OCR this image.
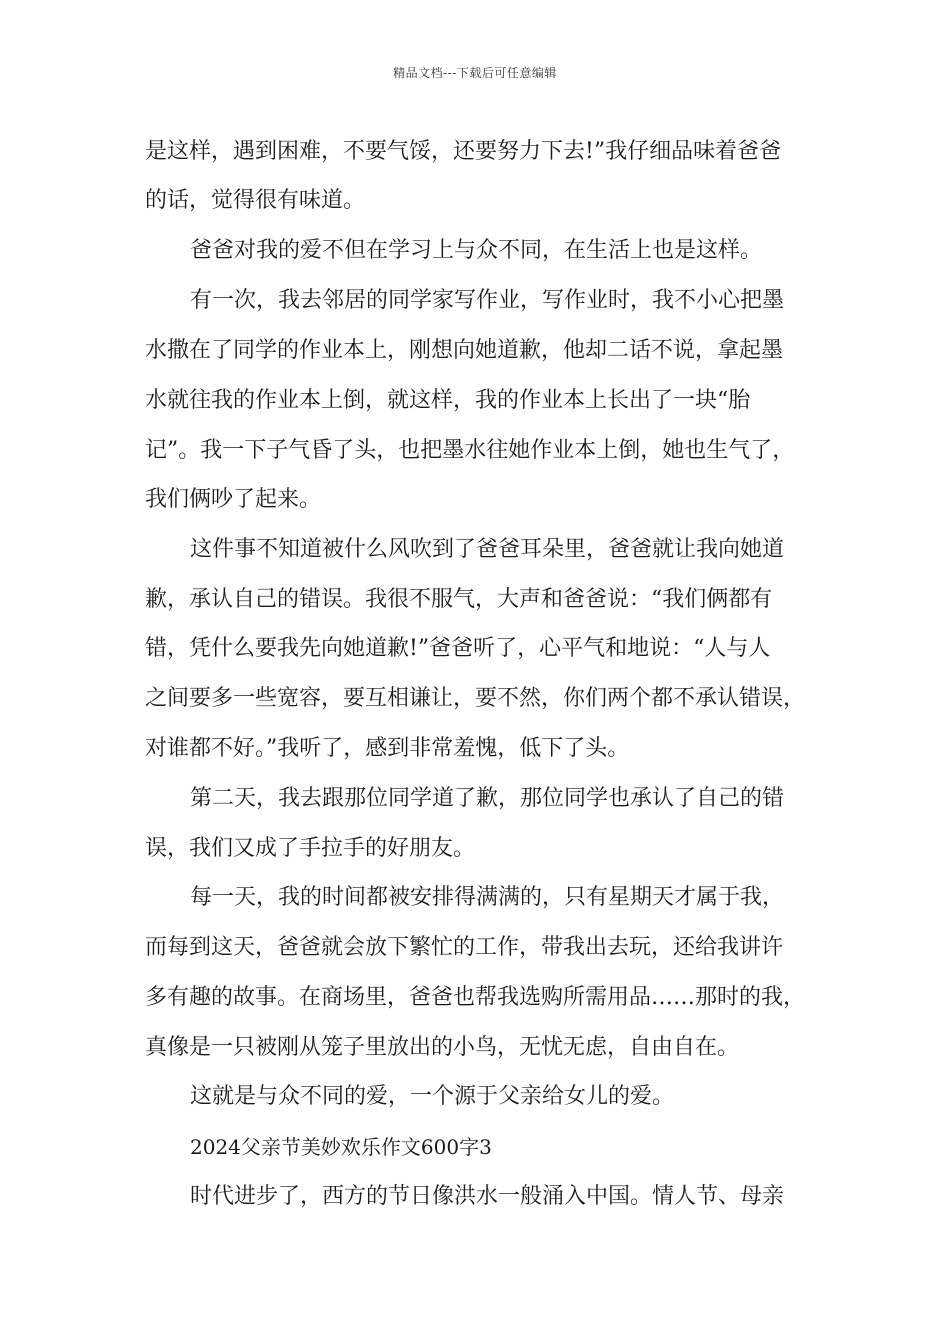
精品文档---下载后可任意编辑
是这样，遇到困难，不要气馁，还要努力下去!”我仔细品味着爸爸
的话，觉得很有味道。
爸爸对我的爱不但在学习上与众不同，在生活上也是这样。
有一次，我去邻居的同学家写作业，写作业时，我不小心把墨
水撒在了同学的作业本上，刚想向她道歉，他却二话不说，拿起墨
水就往我的作业本上倒，就这样，我的作业本上长出了一块“胎
记”。我一下子气昏了头，也把墨水往她作业本上倒，她也生气了，
我们俩吵了起来。
这件事不知道被什么风吹到了爸爸耳朵里，爸爸就让我向她道
歉，承认自己的错误。我很不服气，大声和爸爸说：“我们俩都有
错，凭什么要我先向她道歉!”爸爸听了，心平气和地说：“人与人
之间要多一些宽容，要互相谦让，要不然，你们两个都不承认错误，
对谁都不好。”我听了，感到非常羞愧，低下了头。
第二天，我去跟那位同学道了歉，那位同学也承认了自己的错
误，我们又成了手拉手的好朋友。
每一天，我的时间都被安排得满满的，只有星期天才属于我，
而每到这天，爸爸就会放下繁忙的工作，带我出去玩，还给我讲许
多有趣的故事。在商场里，爸爸也帮我选购所需用品……那时的我，
真像是一只被刚从笼子里放出的小鸟，无忧无虑，自由自在。
这就是与众不同的爱，一个源于父亲给女儿的爱。
2024父亲节美妙欢乐作文600字3
时代进步了，西方的节日像洪水一般涌入中国。情人节、母亲
